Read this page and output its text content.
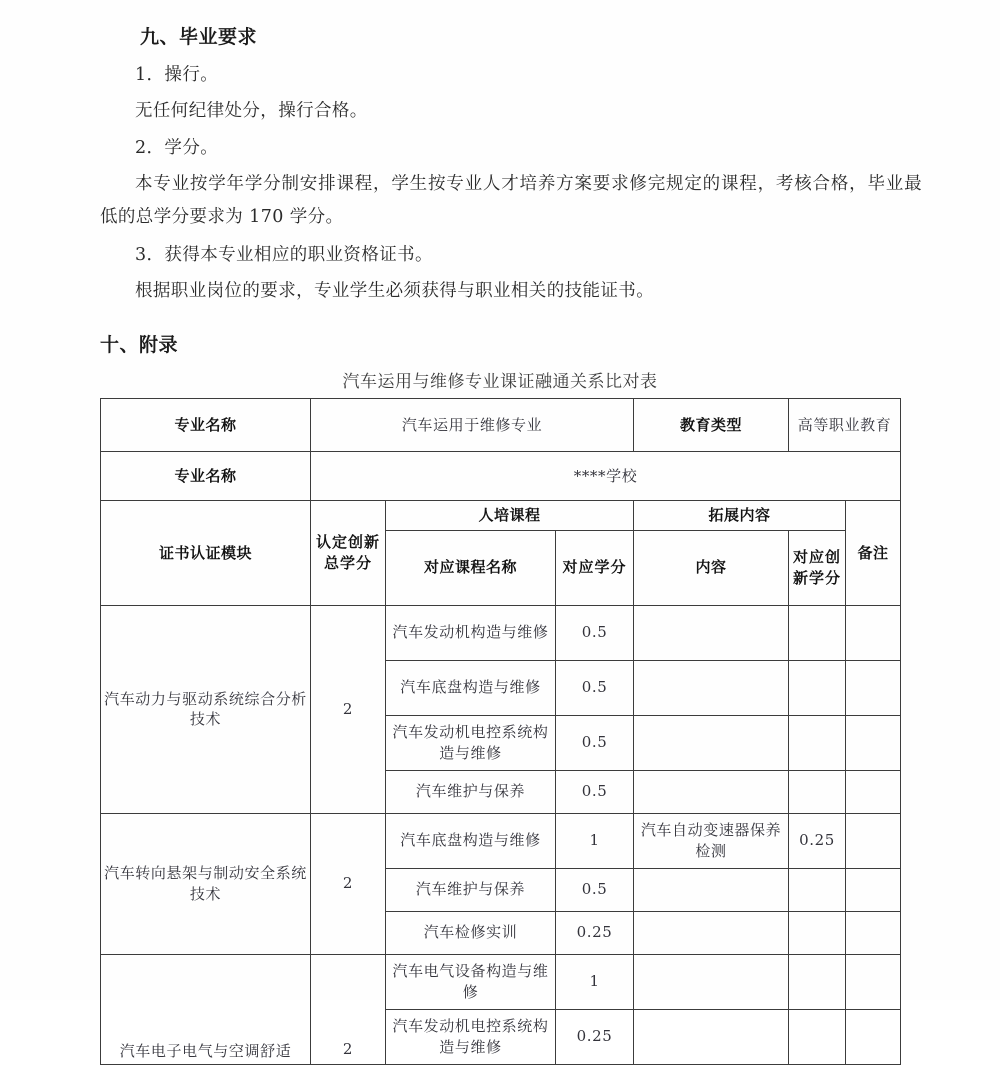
九、毕业要求

1．操行。

无任何纪律处分，操行合格。

2．学分。

本专业按学年学分制安排课程，学生按专业人才培养方案要求修完规定的课程，考核合格，毕业最低的总学分要求为 170 学分。

3．获得本专业相应的职业资格证书。

根据职业岗位的要求，专业学生必须获得与职业相关的技能证书。

十、附录
汽车运用与维修专业课证融通关系比对表
专业名称	汽车运用于维修专业			教育类型	高等职业教育	
专业名称	****学校					
证书认证模块	认定创新总学分	人培课程		拓展内容		备注
		对应课程名称	对应学分	内容	对应创新学分	
汽车动力与驱动系统综合分析技术	2	汽车发动机构造与维修	0.5			
		汽车底盘构造与维修	0.5			
		汽车发动机电控系统构造与维修	0.5			
		汽车维护与保养	0.5			
汽车转向悬架与制动安全系统技术	2	汽车底盘构造与维修	1	汽车自动变速器保养检测	0.25	
		汽车维护与保养	0.5			
		汽车检修实训	0.25			
汽车电子电气与空调舒适	2	汽车电气设备构造与维修	1			
		汽车发动机电控系统构造与维修	0.25			
